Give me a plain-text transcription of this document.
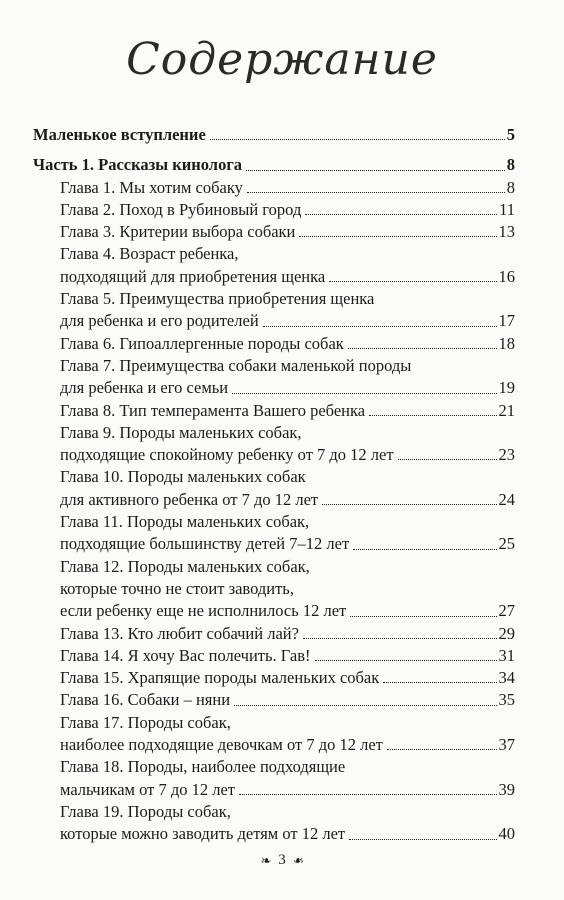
Содержание
Маленькое вступление	5
Часть 1. Рассказы кинолога	8
Глава 1. Мы хотим собаку	8
Глава 2. Поход в Рубиновый город	11
Глава 3. Критерии выбора собаки	13
Глава 4. Возраст ребенка,
подходящий для приобретения щенка	16
Глава 5. Преимущества приобретения щенка
для ребенка и его родителей	17
Глава 6. Гипоаллергенные породы собак	18
Глава 7. Преимущества собаки маленькой породы
для ребенка и его семьи	19
Глава 8. Тип темперамента Вашего ребенка	21
Глава 9. Породы маленьких собак,
подходящие спокойному ребенку от 7 до 12 лет	23
Глава 10. Породы маленьких собак
для активного ребенка от 7 до 12 лет	24
Глава 11. Породы маленьких собак,
подходящие большинству детей 7–12 лет	25
Глава 12. Породы маленьких собак,
которые точно не стоит заводить,
если ребенку еще не исполнилось 12 лет	27
Глава 13. Кто любит собачий лай?	29
Глава 14. Я хочу Вас полечить. Гав!	31
Глава 15. Храпящие породы маленьких собак	34
Глава 16. Собаки – няни	35
Глава 17. Породы собак,
наиболее подходящие девочкам от 7 до 12 лет	37
Глава 18. Породы, наиболее подходящие
мальчикам от 7 до 12 лет	39
Глава 19. Породы собак,
которые можно заводить детям от 12 лет	40
❧ 3 ❧
